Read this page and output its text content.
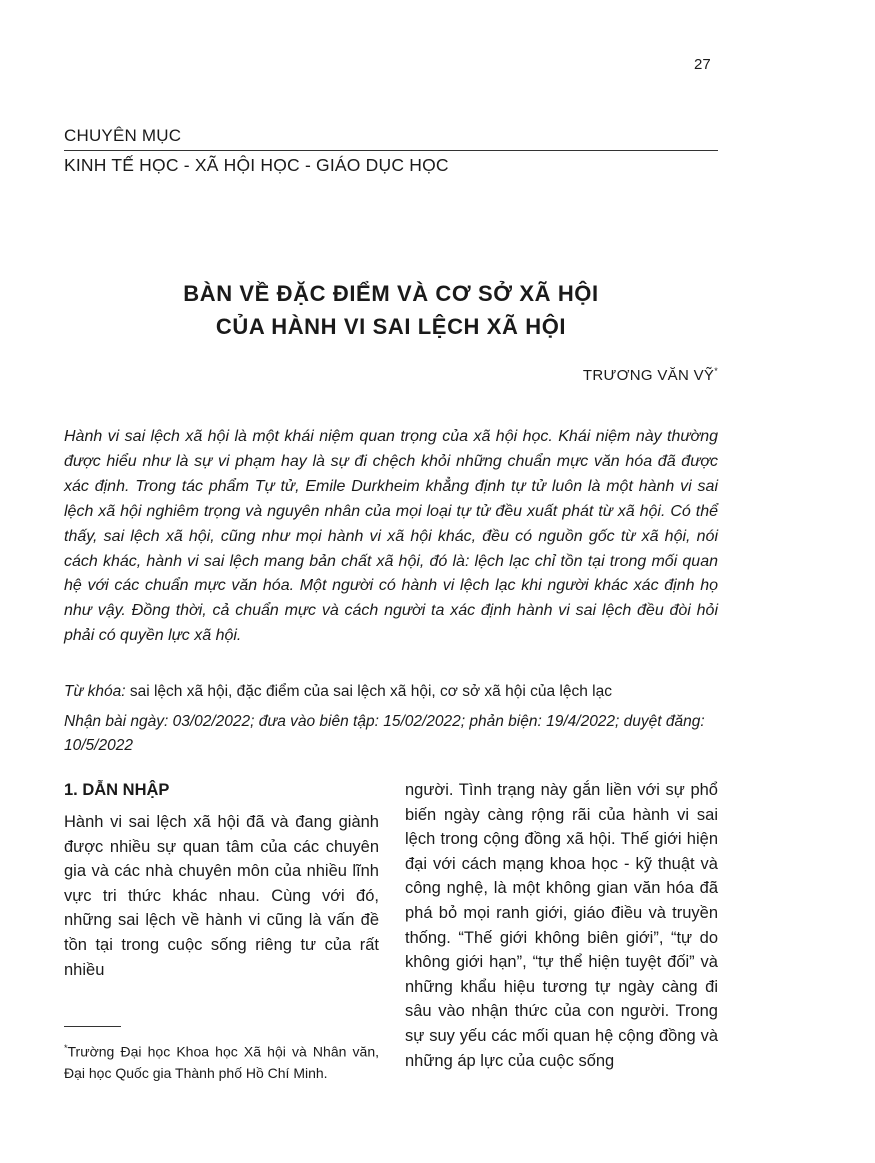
27
CHUYÊN MỤC
KINH TẾ HỌC - XÃ HỘI HỌC - GIÁO DỤC HỌC
BÀN VỀ ĐẶC ĐIỂM VÀ CƠ SỞ XÃ HỘI
CỦA HÀNH VI SAI LỆCH XÃ HỘI
TRƯƠNG VĂN VỸ*

Hành vi sai lệch xã hội là một khái niệm quan trọng của xã hội học. Khái niệm này thường được hiểu như là sự vi phạm hay là sự đi chệch khỏi những chuẩn mực văn hóa đã được xác định. Trong tác phẩm Tự tử, Emile Durkheim khẳng định tự tử luôn là một hành vi sai lệch xã hội nghiêm trọng và nguyên nhân của mọi loại tự tử đều xuất phát từ xã hội. Có thể thấy, sai lệch xã hội, cũng như mọi hành vi xã hội khác, đều có nguồn gốc từ xã hội, nói cách khác, hành vi sai lệch mang bản chất xã hội, đó là: lệch lạc chỉ tồn tại trong mối quan hệ với các chuẩn mực văn hóa. Một người có hành vi lệch lạc khi người khác xác định họ như vậy. Đồng thời, cả chuẩn mực và cách người ta xác định hành vi sai lệch đều đòi hỏi phải có quyền lực xã hội.

Từ khóa: sai lệch xã hội, đặc điểm của sai lệch xã hội, cơ sở xã hội của lệch lạc

Nhận bài ngày: 03/02/2022; đưa vào biên tập: 15/02/2022; phản biện: 19/4/2022; duyệt đăng: 10/5/2022

1. DẪN NHẬP

Hành vi sai lệch xã hội đã và đang giành được nhiều sự quan tâm của các chuyên gia và các nhà chuyên môn của nhiều lĩnh vực tri thức khác nhau. Cùng với đó, những sai lệch về hành vi cũng là vấn đề tồn tại trong cuộc sống riêng tư của rất nhiều

người. Tình trạng này gắn liền với sự phổ biến ngày càng rộng rãi của hành vi sai lệch trong cộng đồng xã hội. Thế giới hiện đại với cách mạng khoa học - kỹ thuật và công nghệ, là một không gian văn hóa đã phá bỏ mọi ranh giới, giáo điều và truyền thống. “Thế giới không biên giới”, “tự do không giới hạn”, “tự thể hiện tuyệt đối” và những khẩu hiệu tương tự ngày càng đi sâu vào nhận thức của con người. Trong sự suy yếu các mối quan hệ cộng đồng và những áp lực của cuộc sống

*Trường Đại học Khoa học Xã hội và Nhân văn, Đại học Quốc gia Thành phố Hồ Chí Minh.
